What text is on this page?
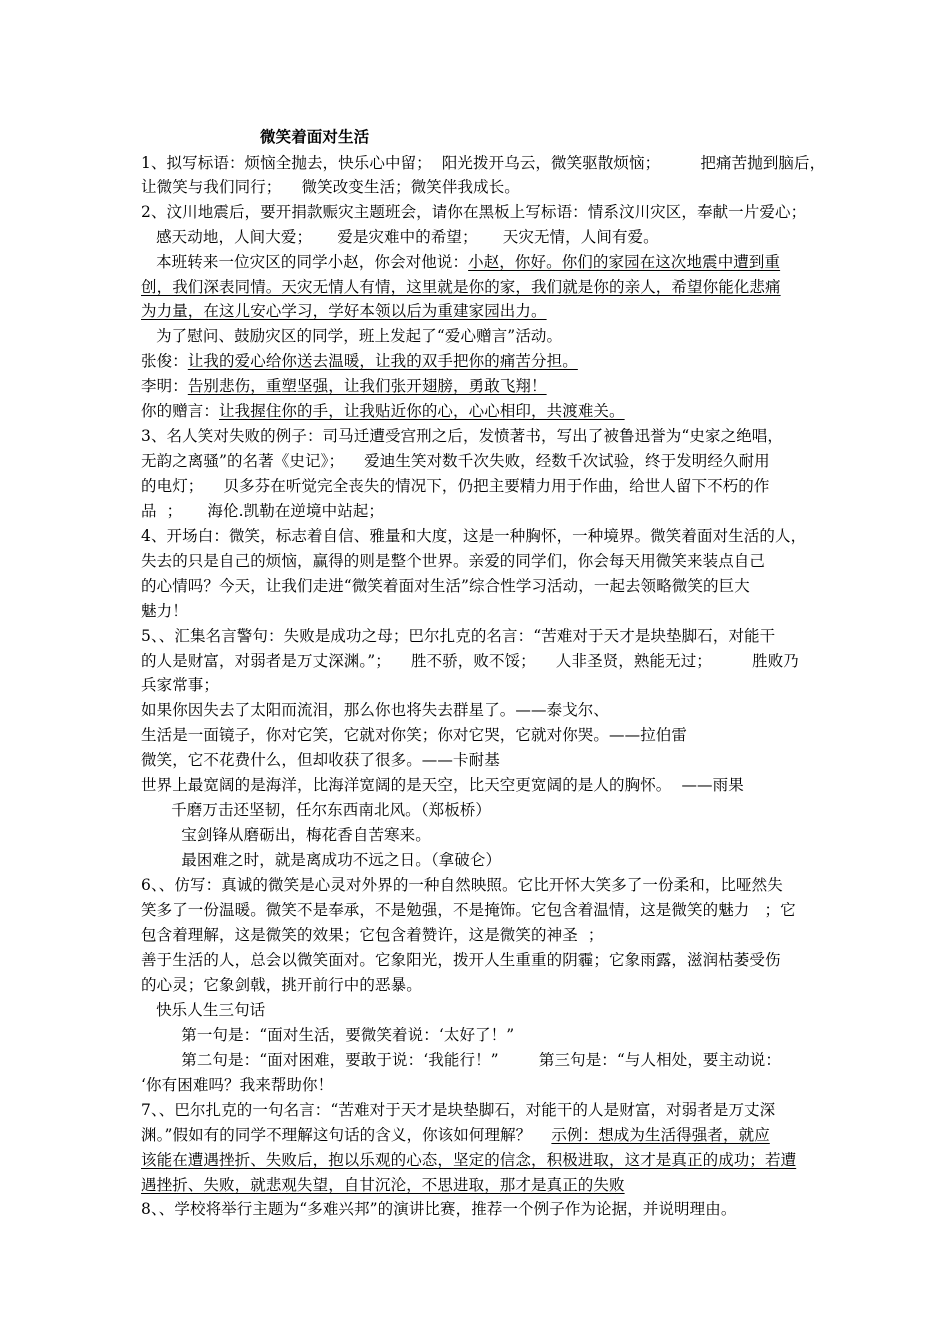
微笑着面对生活
1、拟写标语：烦恼全抛去，快乐心中留；  阳光拨开乌云，微笑驱散烦恼；        把痛苦抛到脑后，
让微笑与我们同行；    微笑改变生活；微笑伴我成长。
2、汶川地震后，要开捐款赈灾主题班会，请你在黑板上写标语：情系汶川灾区，奉献一片爱心；
感天动地，人间大爱；     爱是灾难中的希望；     天灾无情，人间有爱。
本班转来一位灾区的同学小赵，你会对他说：小赵，你好。你们的家园在这次地震中遭到重
创，我们深表同情。天灾无情人有情，这里就是你的家，我们就是你的亲人，希望你能化悲痛
为力量，在这儿安心学习，学好本领以后为重建家园出力。
为了慰问、鼓励灾区的同学，班上发起了“爱心赠言”活动。
张俊：让我的爱心给你送去温暖，让我的双手把你的痛苦分担。
李明：告别悲伤，重塑坚强，让我们张开翅膀，勇敢飞翔！
你的赠言：让我握住你的手，让我贴近你的心，心心相印，共渡难关。
3、名人笑对失败的例子：司马迁遭受宫刑之后，发愤著书，写出了被鲁迅誉为“史家之绝唱，
无韵之离骚”的名著《史记》；    爱迪生笑对数千次失败，经数千次试验，终于发明经久耐用
的电灯；    贝多芬在听觉完全丧失的情况下，仍把主要精力用于作曲，给世人留下不朽的作
品  ；     海伦.凯勒在逆境中站起；
4、开场白：微笑，标志着自信、雅量和大度，这是一种胸怀，一种境界。微笑着面对生活的人，
失去的只是自己的烦恼，赢得的则是整个世界。亲爱的同学们，你会每天用微笑来装点自己
的心情吗？今天，让我们走进“微笑着面对生活”综合性学习活动，一起去领略微笑的巨大
魅力！
5、、汇集名言警句：失败是成功之母；巴尔扎克的名言：“苦难对于天才是块垫脚石，对能干
的人是财富，对弱者是万丈深渊。”；    胜不骄，败不馁；    人非圣贤，熟能无过；        胜败乃
兵家常事；
如果你因失去了太阳而流泪，那么你也将失去群星了。——泰戈尔、
生活是一面镜子，你对它笑，它就对你笑；你对它哭，它就对你哭。——拉伯雷
微笑，它不花费什么，但却收获了很多。——卡耐基
世界上最宽阔的是海洋，比海洋宽阔的是天空，比天空更宽阔的是人的胸怀。  ——雨果
千磨万击还坚韧，任尔东西南北风。（郑板桥）
宝剑锋从磨砺出，梅花香自苦寒来。
最困难之时，就是离成功不远之日。（拿破仑）
6、、仿写：真诚的微笑是心灵对外界的一种自然映照。它比开怀大笑多了一份柔和，比哑然失
笑多了一份温暖。微笑不是奉承，不是勉强，不是掩饰。它包含着温情，这是微笑的魅力   ；它
包含着理解，这是微笑的效果；它包含着赞许，这是微笑的神圣  ；
善于生活的人，总会以微笑面对。它象阳光，拨开人生重重的阴霾；它象雨露，滋润枯萎受伤
的心灵；它象剑戟，挑开前行中的恶暴。
快乐人生三句话
第一句是：“面对生活，要微笑着说：‘太好了！”
第二句是：“面对困难，要敢于说：‘我能行！”        第三句是：“与人相处，要主动说：
‘你有困难吗？我来帮助你！
7、、巴尔扎克的一句名言：“苦难对于天才是块垫脚石，对能干的人是财富，对弱者是万丈深
渊。”假如有的同学不理解这句话的含义，你该如何理解？    示例：想成为生活得强者，就应
该能在遭遇挫折、失败后，抱以乐观的心态，坚定的信念，积极进取，这才是真正的成功；若遭
遇挫折、失败，就悲观失望，自甘沉沦，不思进取，那才是真正的失败
8、、学校将举行主题为“多难兴邦”的演讲比赛，推荐一个例子作为论据，并说明理由。
